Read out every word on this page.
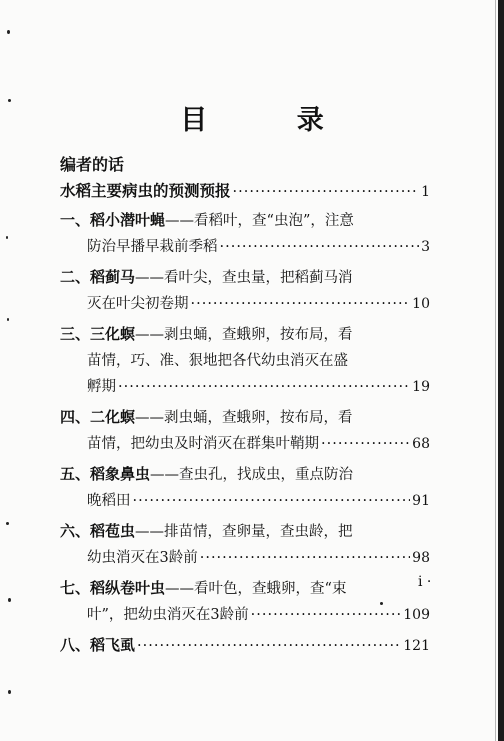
目 录
编者的话
水稻主要病虫的预测预报 ·····	1
一、 稻小潜叶蝇 ——看稻叶，查“虫泡”，注意
防治早播早栽前季稻 ·····	3
二、 稻蓟马 ——看叶尖，查虫量，把稻蓟马消
灭在叶尖初卷期 ·····	10
三、 三化螟 ——剥虫蛹，查蛾卵，按布局，看
苗情，巧、准、狠地把各代幼虫消灭在盛
孵期 ·····	19
四、 二化螟 ——剥虫蛹，查蛾卵，按布局，看
苗情，把幼虫及时消灭在群集叶鞘期 ·····	68
五、 稻象鼻虫 ——查虫孔，找成虫，重点防治
晚稻田 ·····	91
六、 稻苞虫 ——排苗情，查卵量，查虫龄，把
幼虫消灭在3龄前 ·····	98
七、 稻纵卷叶虫 ——看叶色，查蛾卵，查“束
叶”，把幼虫消灭在3龄前 ·····	109
八、 稻飞虱 ·····	121
i ·
